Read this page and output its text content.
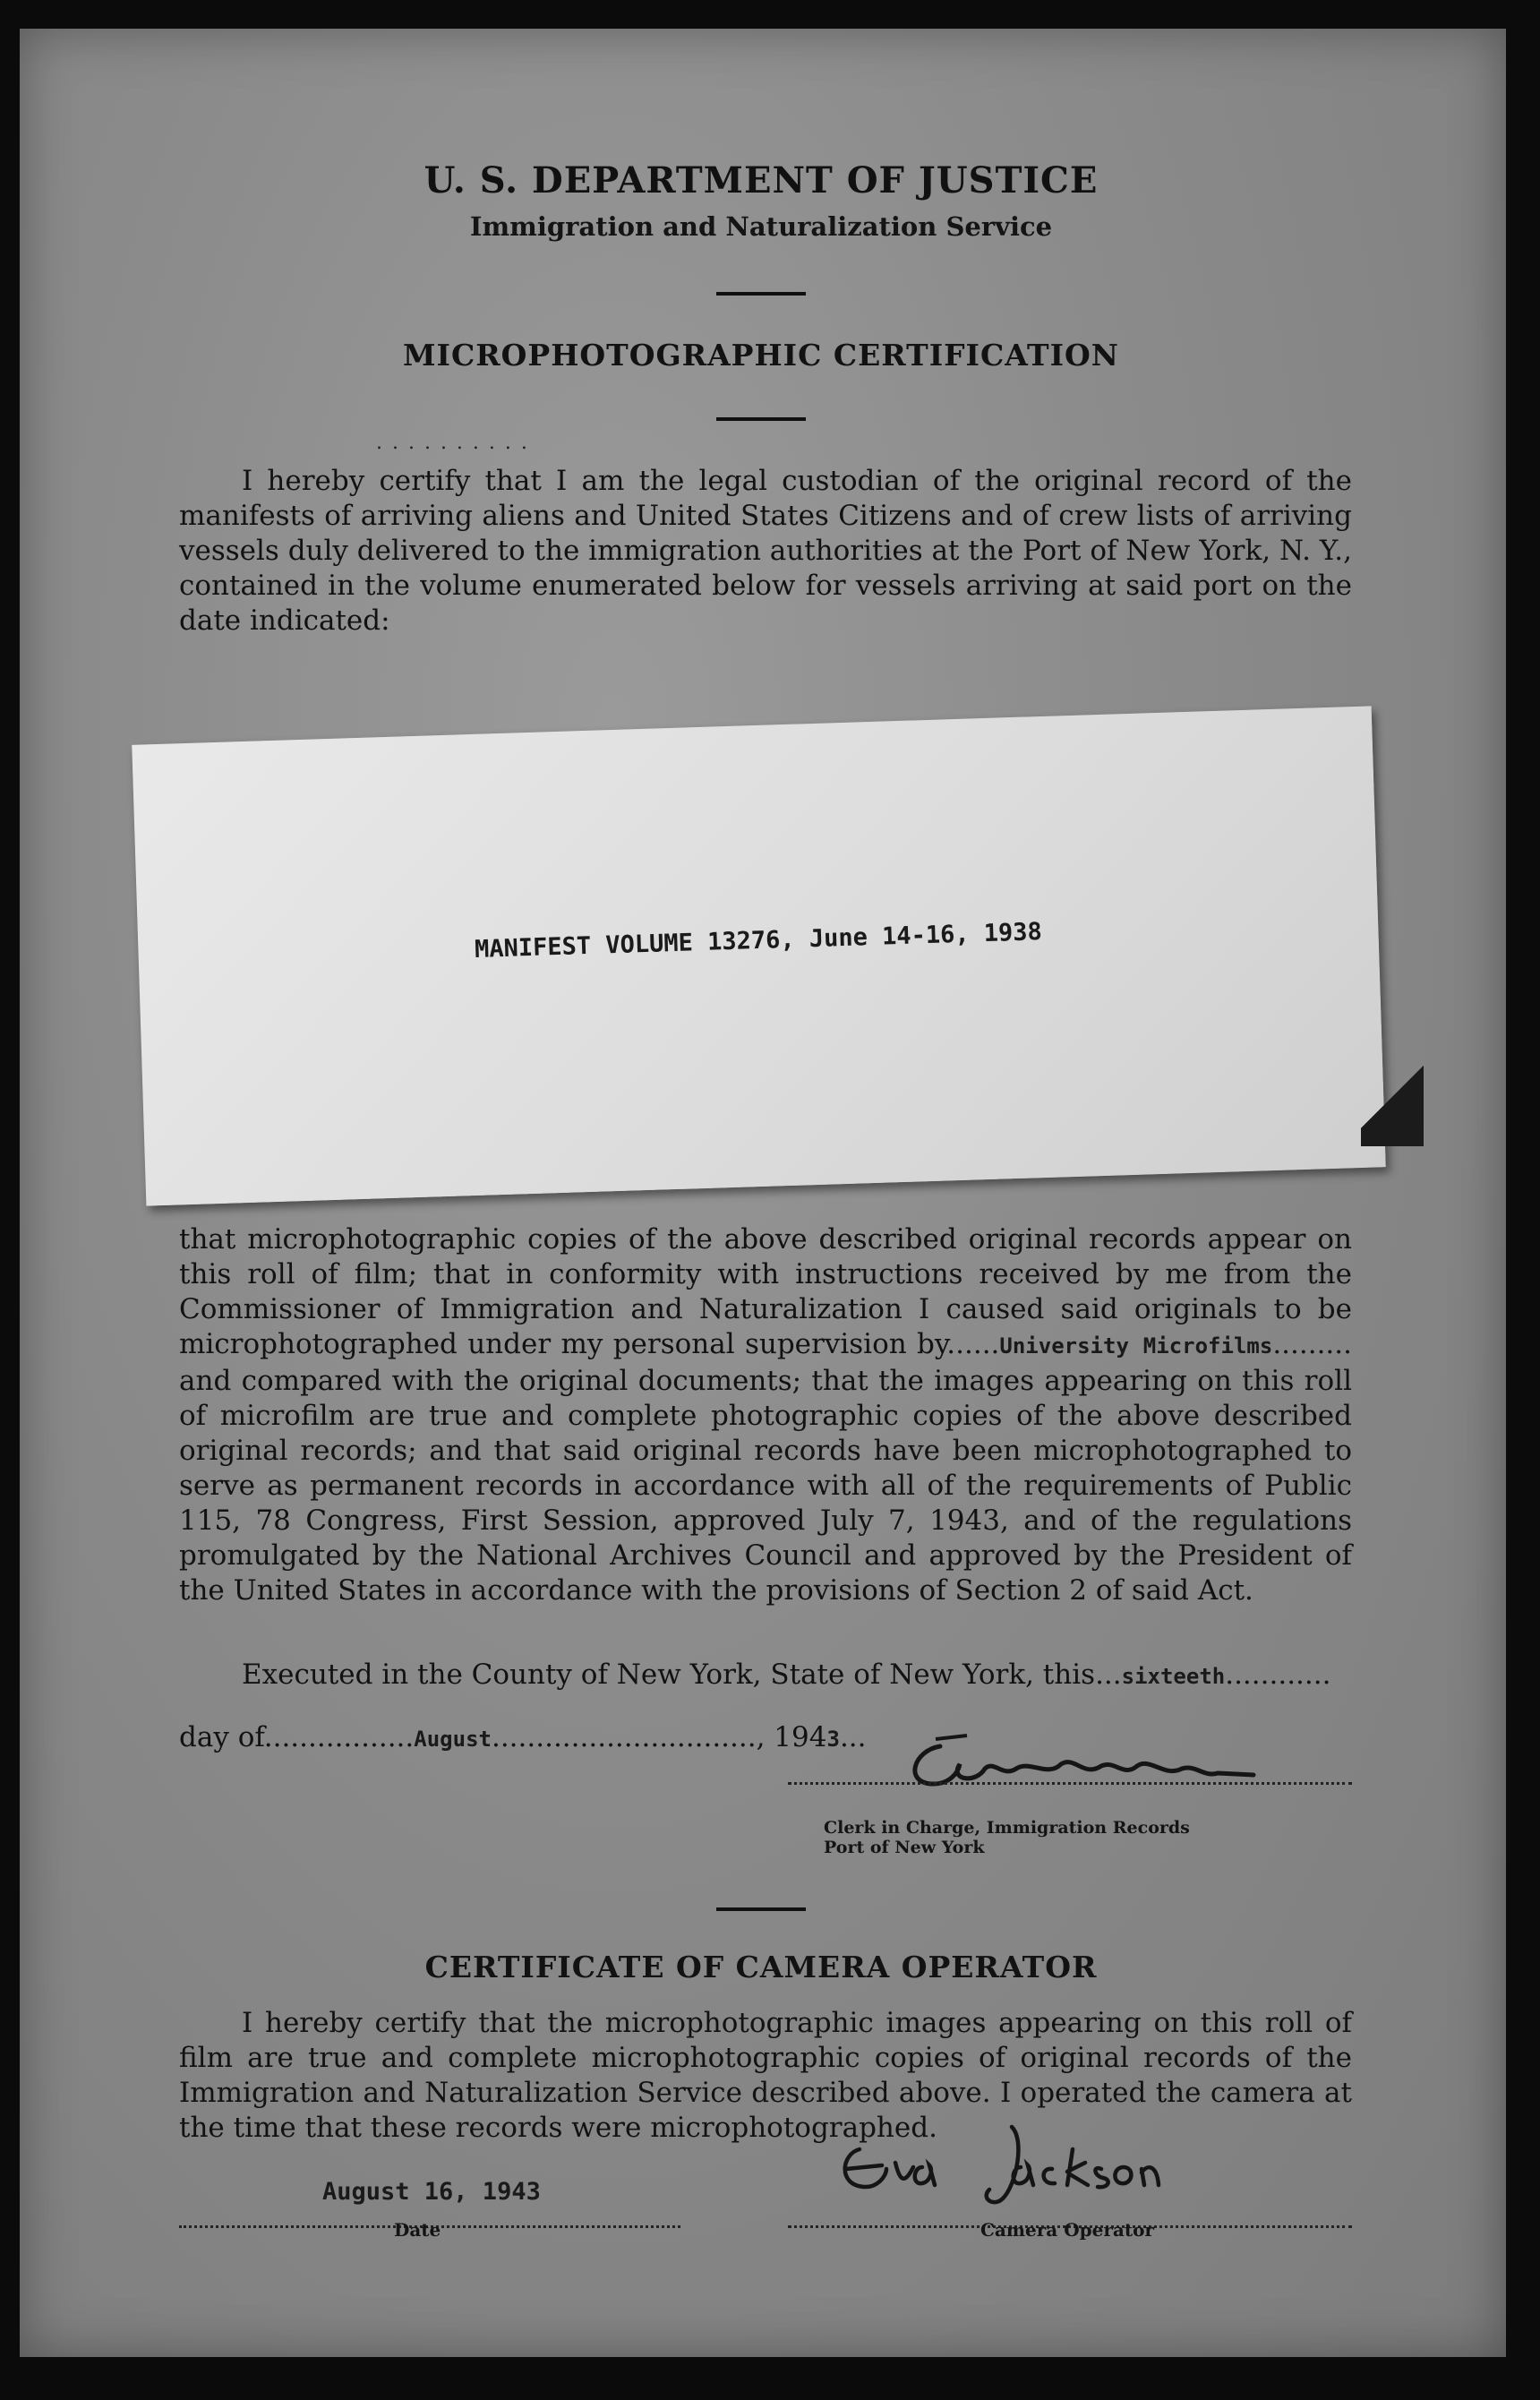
U. S. DEPARTMENT OF JUSTICE
Immigration and Naturalization Service
MICROPHOTOGRAPHIC CERTIFICATION
. . . . . . . . . .
I hereby certify that I am the legal custodian of the original record of the manifests of arriving aliens and United States Citizens and of crew lists of arriving vessels duly delivered to the immigration authorities at the Port of New York, N. Y., contained in the volume enumerated below for vessels arriving at said port on the date indicated:
MANIFEST VOLUME 13276, June 14-16, 1938
that microphotographic copies of the above described original records appear on this roll of film; that in conformity with instructions received by me from the Commissioner of Immigration and Naturalization I caused said originals to be microphotographed under my personal supervision by......University Microfilms......... and compared with the original documents; that the images appearing on this roll of microfilm are true and complete photographic copies of the above described original records; and that said original records have been microphotographed to serve as permanent records in accordance with all of the requirements of Public 115, 78 Congress, First Session, approved July 7, 1943, and of the regulations promulgated by the National Archives Council and approved by the President of the United States in accordance with the provisions of Section 2 of said Act.
Executed in the County of New York, State of New York, this...sixteeth............
day of.................August.............................., 1943...
Clerk in Charge, Immigration Records
Port of New York
CERTIFICATE OF CAMERA OPERATOR
I hereby certify that the microphotographic images appearing on this roll of film are true and complete microphotographic copies of original records of the Immigration and Naturalization Service described above. I operated the camera at the time that these records were microphotographed.
August 16, 1943
Date	Camera Operator
